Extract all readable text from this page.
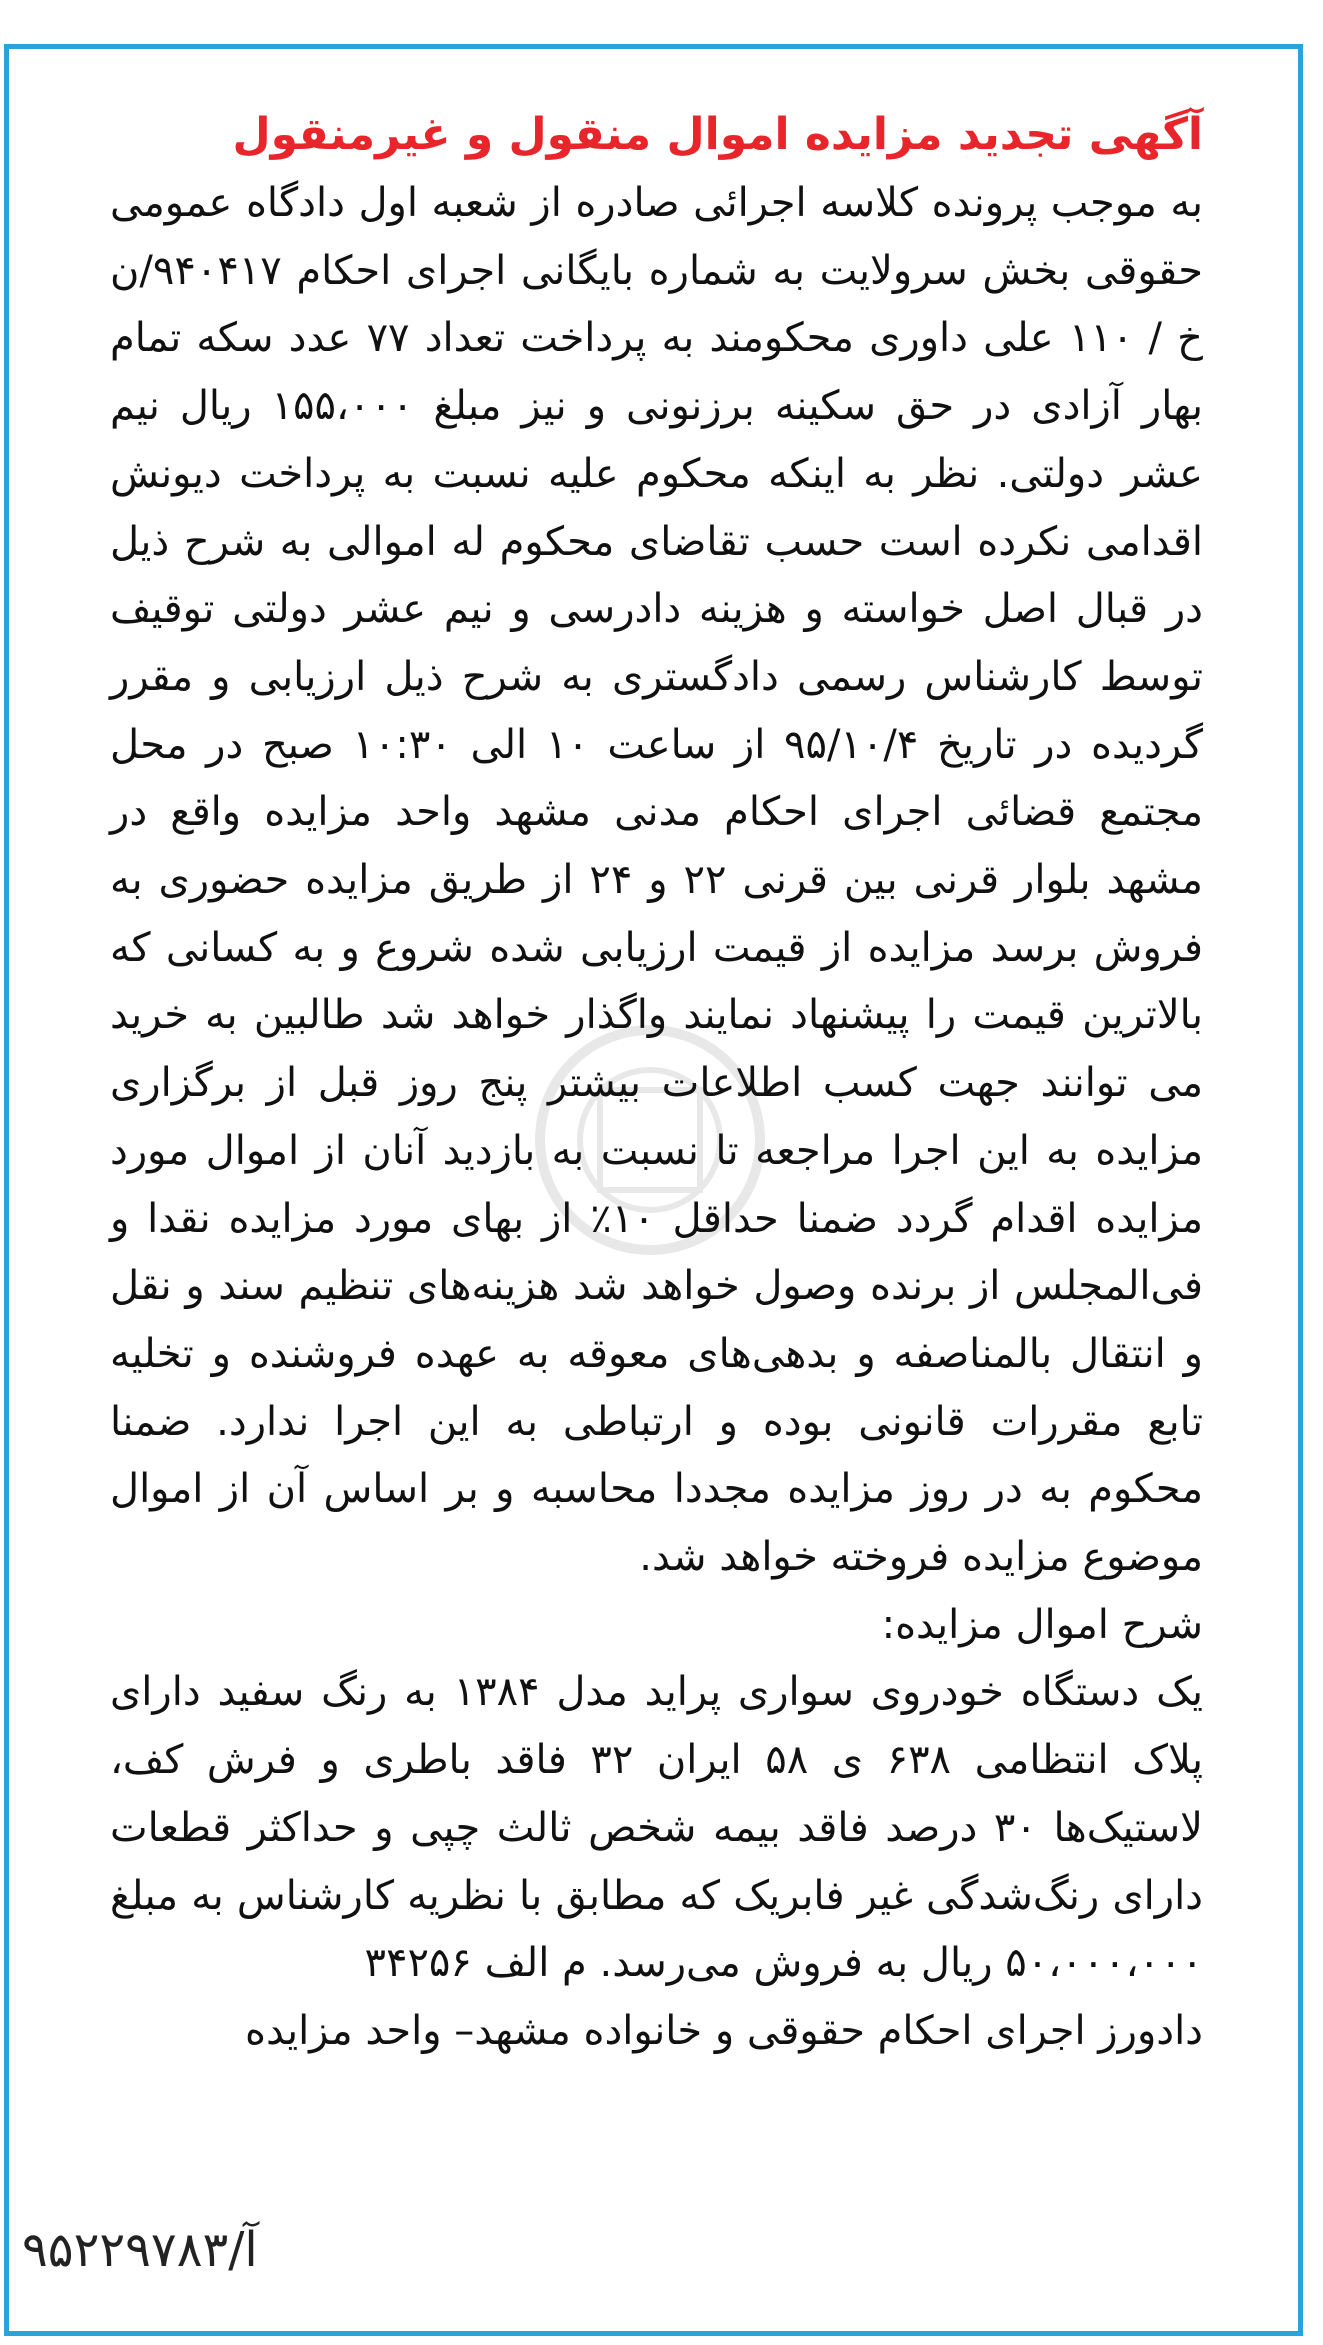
آگهی تجدید مزایده اموال منقول و غیرمنقول

به موجب پرونده کلاسه اجرائی صادره از شعبه اول دادگاه عمومی حقوقی بخش سرولایت به شماره بایگانی اجرای احکام ۹۴۰۴۱۷/ن خ / ۱۱۰ علی داوری محکومند به پرداخت تعداد ۷۷ عدد سکه تمام بهار آزادی در حق سکینه برزنونی و نیز مبلغ ۱۵۵،۰۰۰ ریال نیم عشر دولتی. نظر به اینکه محکوم علیه نسبت به پرداخت دیونش اقدامی نکرده است حسب تقاضای محکوم له اموالی به شرح ذیل در قبال اصل خواسته و هزینه دادرسی و نیم عشر دولتی توقیف توسط کارشناس رسمی دادگستری به شرح ذیل ارزیابی و مقرر گردیده در تاریخ ۹۵/۱۰/۴ از ساعت ۱۰ الی ۱۰:۳۰ صبح در محل مجتمع قضائی اجرای احکام مدنی مشهد واحد مزایده واقع در مشهد بلوار قرنی بین قرنی ۲۲ و ۲۴ از طریق مزایده حضوری به فروش برسد مزایده از قیمت ارزیابی شده شروع و به کسانی که بالاترین قیمت را پیشنهاد نمایند واگذار خواهد شد طالبین به خرید می توانند جهت کسب اطلاعات بیشتر پنج روز قبل از برگزاری مزایده به این اجرا مراجعه تا نسبت به بازدید آنان از اموال مورد مزایده اقدام گردد ضمنا حداقل ۱۰٪ از بهای مورد مزایده نقدا و فی‌المجلس از برنده وصول خواهد شد هزینه‌های تنظیم سند و نقل و انتقال بالمناصفه و بدهی‌های معوقه به عهده فروشنده و تخلیه تابع مقررات قانونی بوده و ارتباطی به این اجرا ندارد. ضمنا محکوم به در روز مزایده مجددا محاسبه و بر اساس آن از اموال موضوع مزایده فروخته خواهد شد.

شرح اموال مزایده:

یک دستگاه خودروی سواری پراید مدل ۱۳۸۴ به رنگ سفید دارای پلاک انتظامی ۶۳۸ ی ۵۸ ایران ۳۲ فاقد باطری و فرش کف، لاستیک‌ها ۳۰ درصد فاقد بیمه شخص ثالث چپی و حداکثر قطعات دارای رنگ‌شدگی غیر فابریک که مطابق با نظریه کارشناس به مبلغ ۵۰،۰۰۰،۰۰۰ ریال به فروش می‌رسد. م الف ۳۴۲۵۶

دادورز اجرای احکام حقوقی و خانواده مشهد– واحد مزایده

آ/۹۵۲۲۹۷۸۳
